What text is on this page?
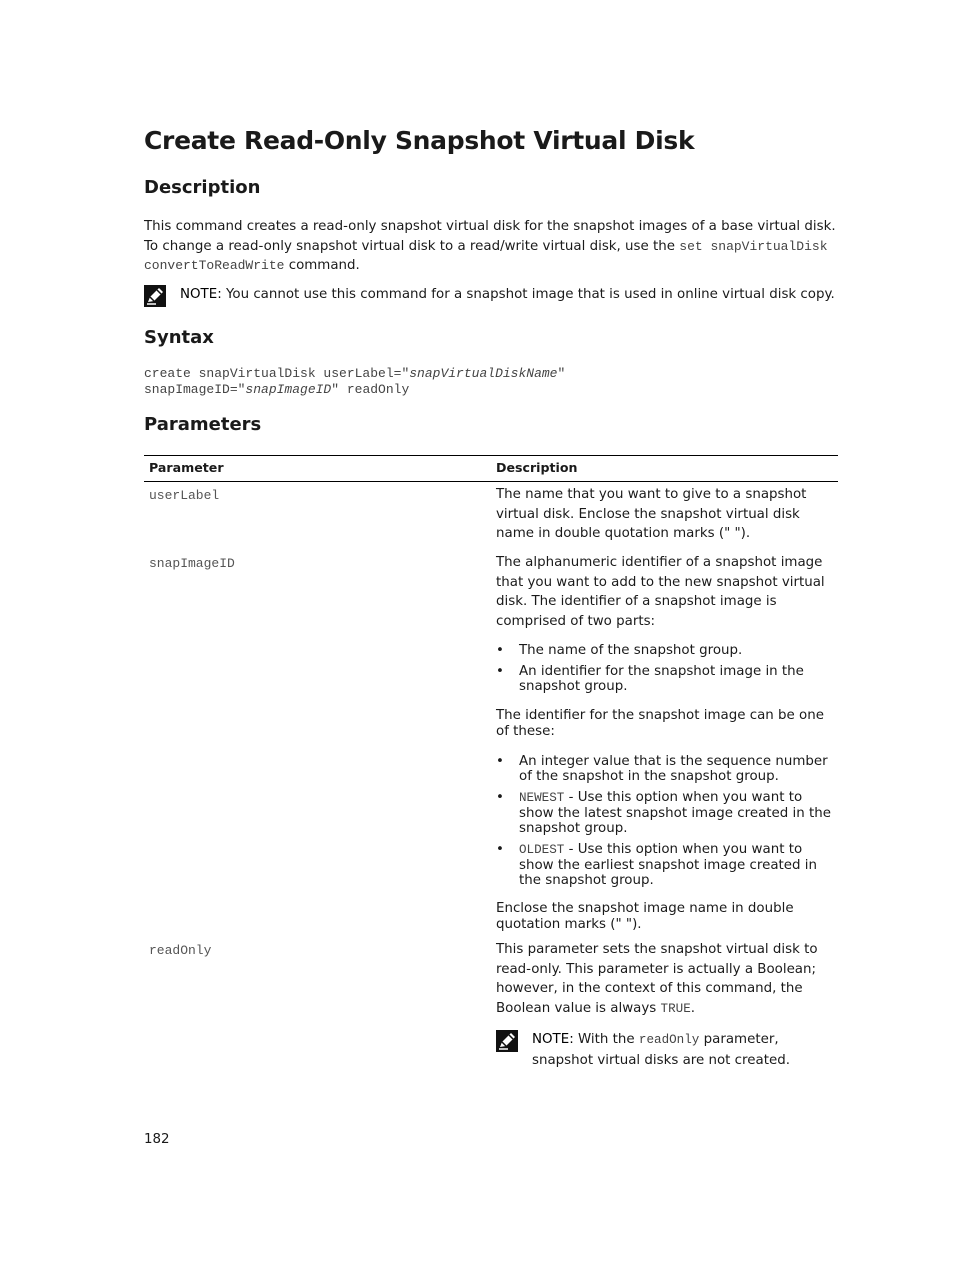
Create Read-Only Snapshot Virtual Disk
Description

This command creates a read-only snapshot virtual disk for the snapshot images of a base virtual disk. To change a read-only snapshot virtual disk to a read/write virtual disk, use the set snapVirtualDisk convertToReadWrite command.

NOTE: You cannot use this command for a snapshot image that is used in online virtual disk copy.
Syntax
create snapVirtualDisk userLabel="snapVirtualDiskName"
snapImageID="snapImageID" readOnly
Parameters
Parameter	Description
userLabel	The name that you want to give to a snapshot virtual disk. Enclose the snapshot virtual disk name in double quotation marks (" ").

snapImageID	The alphanumeric identifier of a snapshot image that you want to add to the new snapshot virtual disk. The identifier of a snapshot image is comprised of two parts:

• The name of the snapshot group.
• An identifier for the snapshot image in the snapshot group.

The identifier for the snapshot image can be one of these:

• An integer value that is the sequence number of the snapshot in the snapshot group.
• NEWEST - Use this option when you want to show the latest snapshot image created in the snapshot group.
• OLDEST - Use this option when you want to show the earliest snapshot image created in the snapshot group.

Enclose the snapshot image name in double quotation marks (" ").

readOnly	This parameter sets the snapshot virtual disk to read-only. This parameter is actually a Boolean; however, in the context of this command, the Boolean value is always TRUE.

NOTE: With the readOnly parameter, snapshot virtual disks are not created.
182
